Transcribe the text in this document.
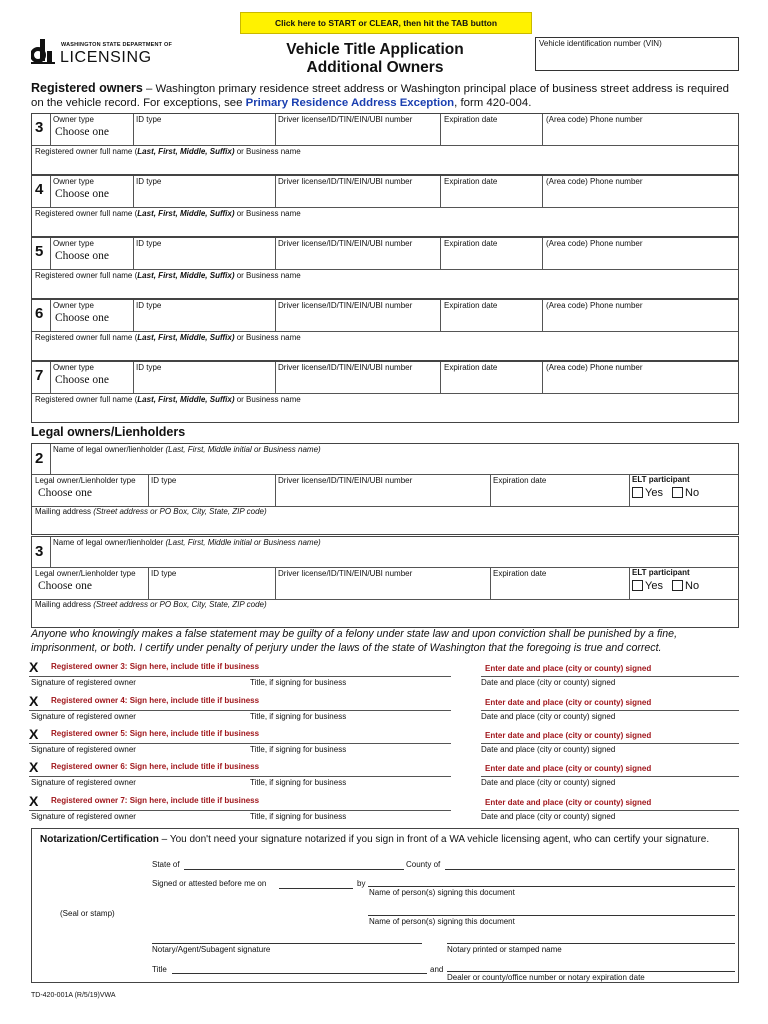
Click here to START or CLEAR, then hit the TAB button
WASHINGTON STATE DEPARTMENT OF
LICENSING	Vehicle Title Application
Additional Owners
Vehicle identification number (VIN)
Registered owners – Washington primary residence street address or Washington principal place of business street address is required on the vehicle record. For exceptions, see Primary Residence Address Exception, form 420-004.
3 Owner type
Choose one
ID type	Driver license/ID/TIN/EIN/UBI number	Expiration date	(Area code) Phone number
Registered owner full name (Last, First, Middle, Suffix) or Business name
4 Owner type
Choose one
ID type	Driver license/ID/TIN/EIN/UBI number	Expiration date	(Area code) Phone number
Registered owner full name (Last, First, Middle, Suffix) or Business name
5 Owner type
Choose one
ID type	Driver license/ID/TIN/EIN/UBI number	Expiration date	(Area code) Phone number
Registered owner full name (Last, First, Middle, Suffix) or Business name
6 Owner type
Choose one
ID type	Driver license/ID/TIN/EIN/UBI number	Expiration date	(Area code) Phone number
Registered owner full name (Last, First, Middle, Suffix) or Business name
7 Owner type
Choose one
ID type	Driver license/ID/TIN/EIN/UBI number	Expiration date	(Area code) Phone number
Registered owner full name (Last, First, Middle, Suffix) or Business name
Legal owners/Lienholders
2
Name of legal owner/lienholder (Last, First, Middle initial or Business name)
Legal owner/Lienholder type
Choose one
ID type	Driver license/ID/TIN/EIN/UBI number	Expiration date	ELT participant
Yes	No
Mailing address (Street address or PO Box, City, State, ZIP code)
3
Name of legal owner/lienholder (Last, First, Middle initial or Business name)
Legal owner/Lienholder type
Choose one
ID type	Driver license/ID/TIN/EIN/UBI number	Expiration date	ELT participant
Yes	No
Mailing address (Street address or PO Box, City, State, ZIP code)
Anyone who knowingly makes a false statement may be guilty of a felony under state law and upon conviction shall be punished by a fine, imprisonment, or both. I certify under penalty of perjury under the laws of the state of Washington that the foregoing is true and correct.
X Registered owner 3: Sign here, include title if business
Signature of registered owner	Title, if signing for business
Enter date and place (city or county) signed
Date and place (city or county) signed
X Registered owner 4: Sign here, include title if business
Signature of registered owner	Title, if signing for business
Enter date and place (city or county) signed
Date and place (city or county) signed
X Registered owner 5: Sign here, include title if business
Signature of registered owner	Title, if signing for business
Enter date and place (city or county) signed
Date and place (city or county) signed
X Registered owner 6: Sign here, include title if business
Signature of registered owner	Title, if signing for business
Enter date and place (city or county) signed
Date and place (city or county) signed
X Registered owner 7: Sign here, include title if business
Signature of registered owner	Title, if signing for business
Enter date and place (city or county) signed
Date and place (city or county) signed
Notarization/Certification – You don't need your signature notarized if you sign in front of a WA vehicle licensing agent, who can certify your signature.
State of	County of
Signed or attested before me on	by
Name of person(s) signing this document
(Seal or stamp)
Name of person(s) signing this document
Notary/Agent/Subagent signature	Notary printed or stamped name
Title	and
Dealer or county/office number or notary expiration date
TD-420-001A (R/5/19)VWA
